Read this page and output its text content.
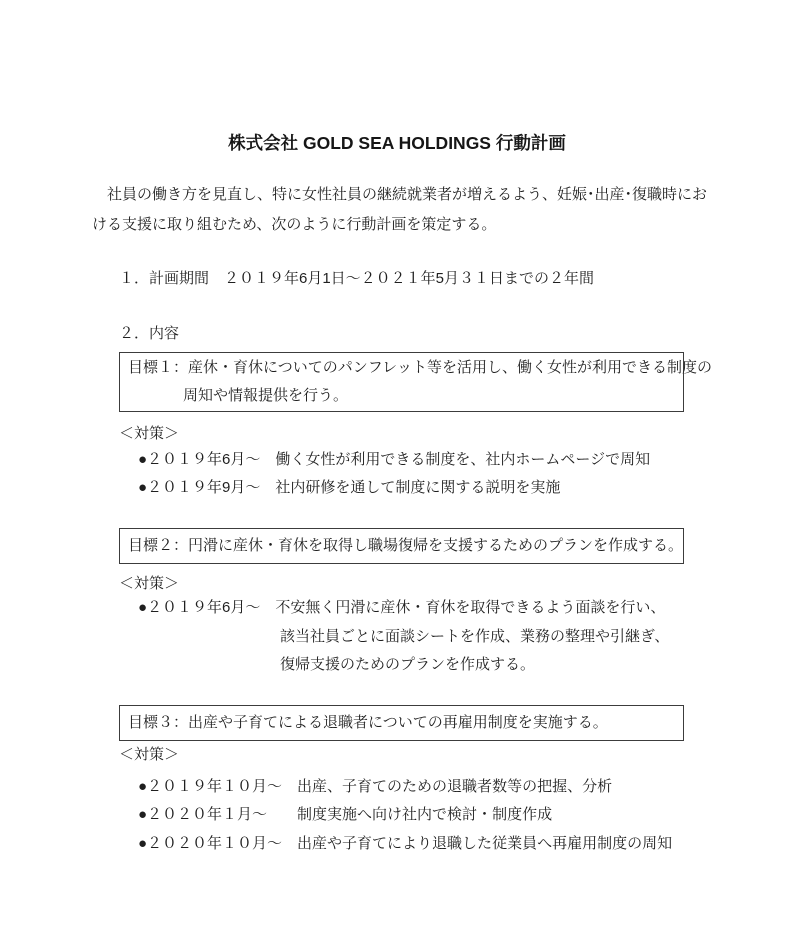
株式会社 GOLD SEA HOLDINGS 行動計画
　社員の働き方を見直し、特に女性社員の継続就業者が増えるよう、妊娠･出産･復職時にお
ける支援に取り組むため、次のように行動計画を策定する。
１．計画期間　２０１９年6月1日～２０２１年5月３１日までの２年間
２．内容
目標１：産休・育休についてのパンフレット等を活用し、働く女性が利用できる制度の
周知や情報提供を行う。
＜対策＞
●２０１９年6月～　働く女性が利用できる制度を、社内ホームページで周知
●２０１９年9月～　社内研修を通して制度に関する説明を実施
目標２：円滑に産休・育休を取得し職場復帰を支援するためのプランを作成する。
＜対策＞
●２０１９年6月～　不安無く円滑に産休・育休を取得できるよう面談を行い、
該当社員ごとに面談シートを作成、業務の整理や引継ぎ、
復帰支援のためのプランを作成する。
目標３：出産や子育てによる退職者についての再雇用制度を実施する。
＜対策＞
●２０１９年１０月～　出産、子育てのための退職者数等の把握、分析
●２０２０年１月～　　制度実施へ向け社内で検討・制度作成
●２０２０年１０月～　出産や子育てにより退職した従業員へ再雇用制度の周知
